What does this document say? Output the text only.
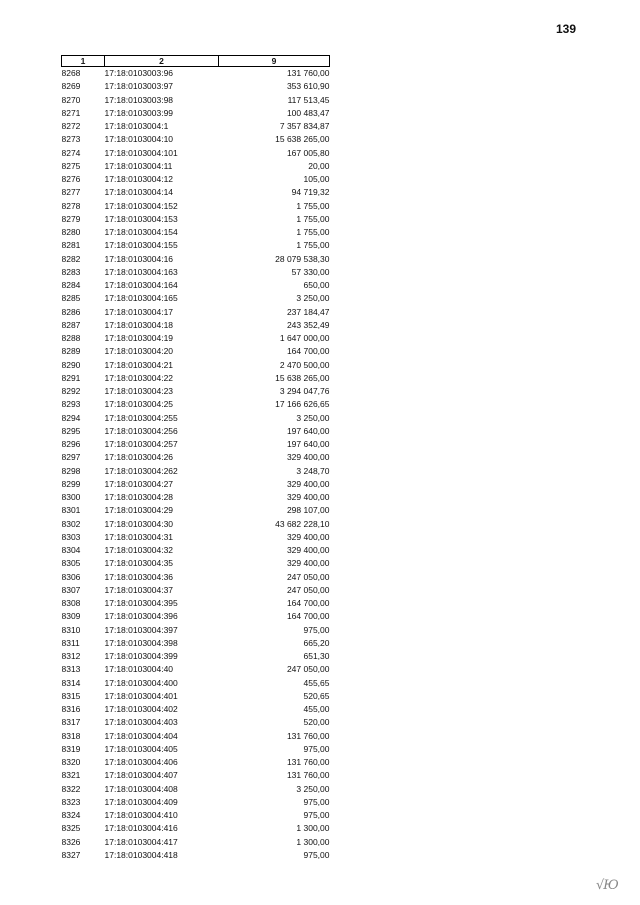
139
1	2	9
8268	17:18:0103003:96	131 760,00
8269	17:18:0103003:97	353 610,90
8270	17:18:0103003:98	117 513,45
8271	17:18:0103003:99	100 483,47
8272	17:18:0103004:1	7 357 834,87
8273	17:18:0103004:10	15 638 265,00
8274	17:18:0103004:101	167 005,80
8275	17:18:0103004:11	20,00
8276	17:18:0103004:12	105,00
8277	17:18:0103004:14	94 719,32
8278	17:18:0103004:152	1 755,00
8279	17:18:0103004:153	1 755,00
8280	17:18:0103004:154	1 755,00
8281	17:18:0103004:155	1 755,00
8282	17:18:0103004:16	28 079 538,30
8283	17:18:0103004:163	57 330,00
8284	17:18:0103004:164	650,00
8285	17:18:0103004:165	3 250,00
8286	17:18:0103004:17	237 184,47
8287	17:18:0103004:18	243 352,49
8288	17:18:0103004:19	1 647 000,00
8289	17:18:0103004:20	164 700,00
8290	17:18:0103004:21	2 470 500,00
8291	17:18:0103004:22	15 638 265,00
8292	17:18:0103004:23	3 294 047,76
8293	17:18:0103004:25	17 166 626,65
8294	17:18:0103004:255	3 250,00
8295	17:18:0103004:256	197 640,00
8296	17:18:0103004:257	197 640,00
8297	17:18:0103004:26	329 400,00
8298	17:18:0103004:262	3 248,70
8299	17:18:0103004:27	329 400,00
8300	17:18:0103004:28	329 400,00
8301	17:18:0103004:29	298 107,00
8302	17:18:0103004:30	43 682 228,10
8303	17:18:0103004:31	329 400,00
8304	17:18:0103004:32	329 400,00
8305	17:18:0103004:35	329 400,00
8306	17:18:0103004:36	247 050,00
8307	17:18:0103004:37	247 050,00
8308	17:18:0103004:395	164 700,00
8309	17:18:0103004:396	164 700,00
8310	17:18:0103004:397	975,00
8311	17:18:0103004:398	665,20
8312	17:18:0103004:399	651,30
8313	17:18:0103004:40	247 050,00
8314	17:18:0103004:400	455,65
8315	17:18:0103004:401	520,65
8316	17:18:0103004:402	455,00
8317	17:18:0103004:403	520,00
8318	17:18:0103004:404	131 760,00
8319	17:18:0103004:405	975,00
8320	17:18:0103004:406	131 760,00
8321	17:18:0103004:407	131 760,00
8322	17:18:0103004:408	3 250,00
8323	17:18:0103004:409	975,00
8324	17:18:0103004:410	975,00
8325	17:18:0103004:416	1 300,00
8326	17:18:0103004:417	1 300,00
8327	17:18:0103004:418	975,00
√Ю
